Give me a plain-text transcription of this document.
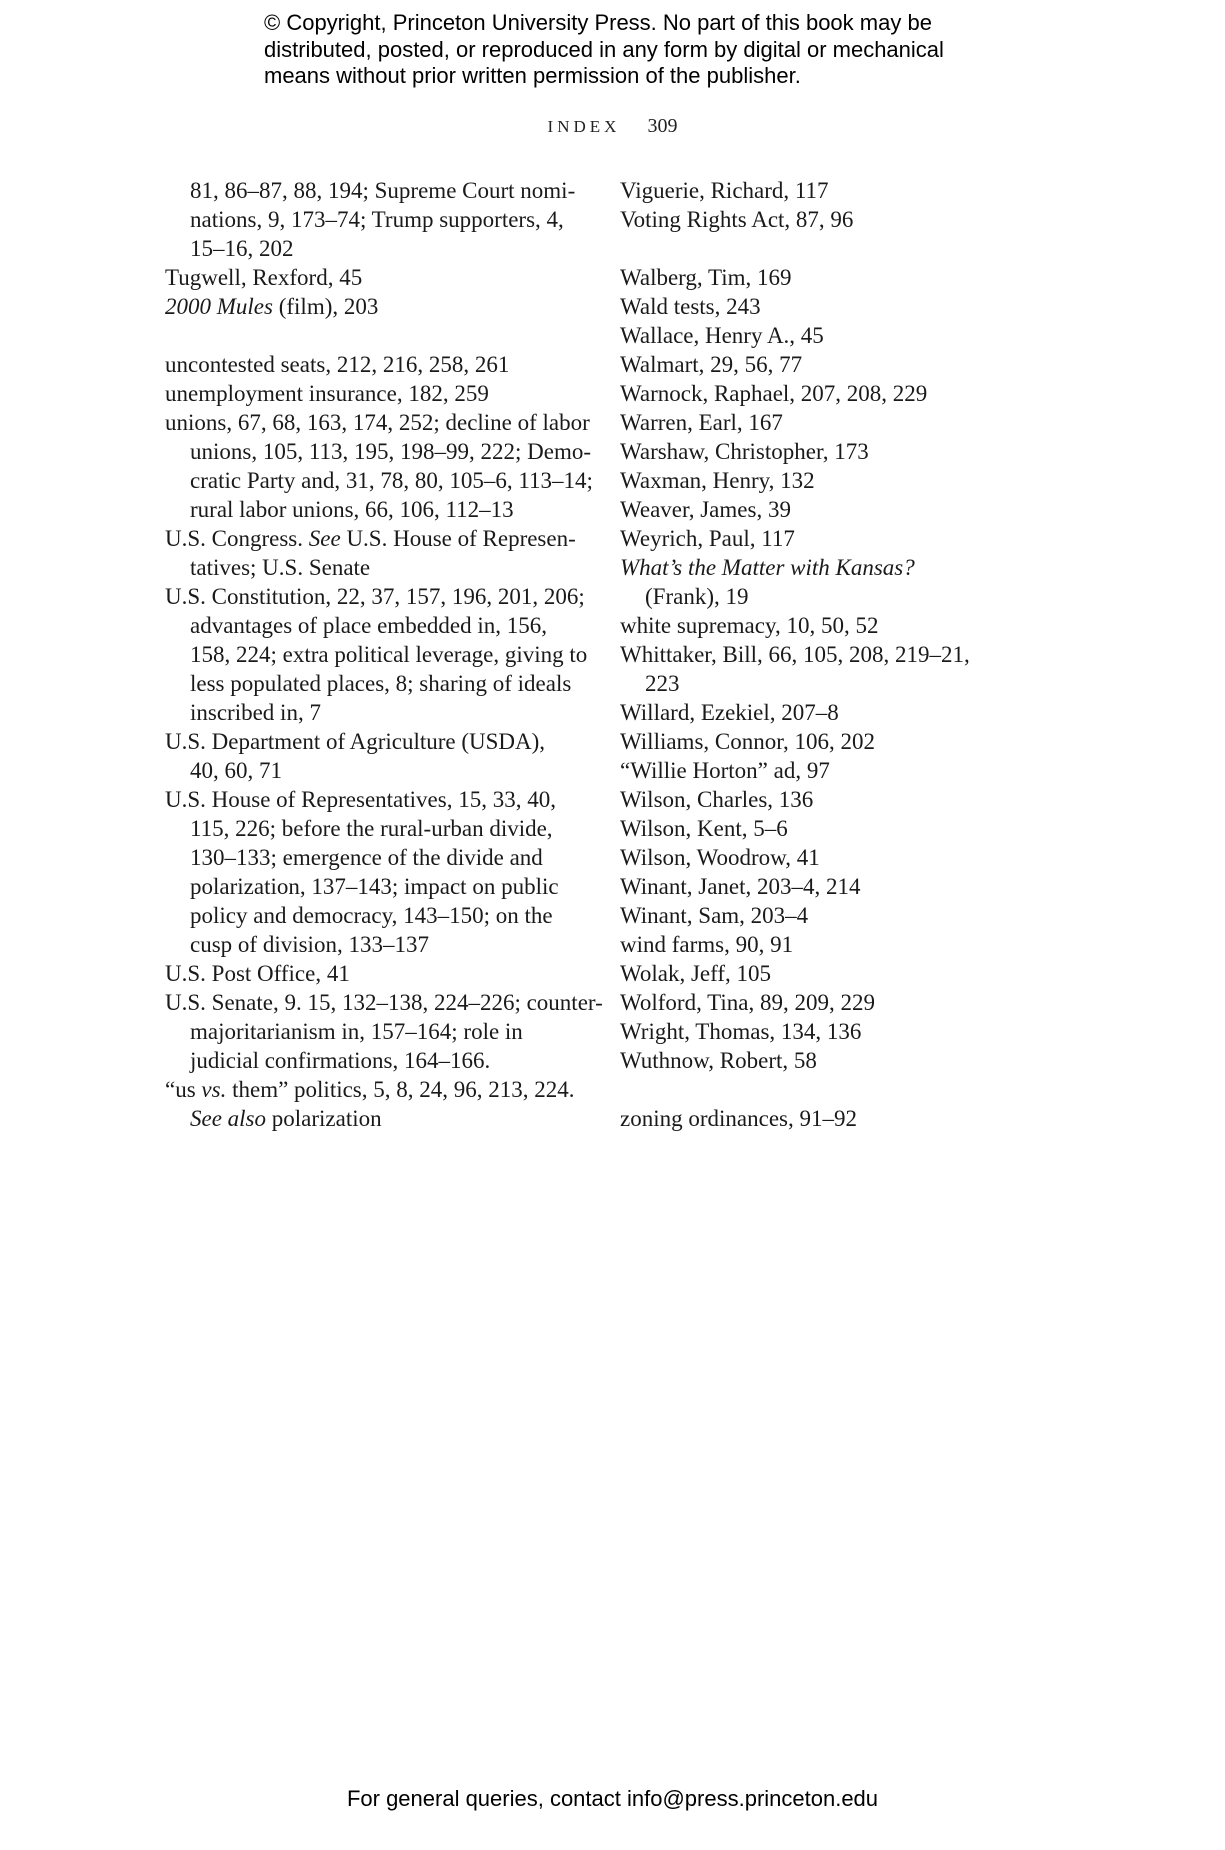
© Copyright, Princeton University Press. No part of this book may be
distributed, posted, or reproduced in any form by digital or mechanical
means without prior written permission of the publisher.
INDEX 309
81, 86–87, 88, 194; Supreme Court nomi-
nations, 9, 173–74; Trump supporters, 4,
15–16, 202
Tugwell, Rexford, 45
2000 Mules (film), 203
uncontested seats, 212, 216, 258, 261
unemployment insurance, 182, 259
unions, 67, 68, 163, 174, 252; decline of labor
unions, 105, 113, 195, 198–99, 222; Demo-
cratic Party and, 31, 78, 80, 105–6, 113–14;
rural labor unions, 66, 106, 112–13
U.S. Congress. See U.S. House of Represen-
tatives; U.S. Senate
U.S. Constitution, 22, 37, 157, 196, 201, 206;
advantages of place embedded in, 156,
158, 224; extra political leverage, giving to
less populated places, 8; sharing of ideals
inscribed in, 7
U.S. Department of Agriculture (USDA),
40, 60, 71
U.S. House of Representatives, 15, 33, 40,
115, 226; before the rural-urban divide,
130–133; emergence of the divide and
polarization, 137–143; impact on public
policy and democracy, 143–150; on the
cusp of division, 133–137
U.S. Post Office, 41
U.S. Senate, 9. 15, 132–138, 224–226; counter-
majoritarianism in, 157–164; role in
judicial confirmations, 164–166.
“us vs. them” politics, 5, 8, 24, 96, 213, 224.
See also polarization
Viguerie, Richard, 117
Voting Rights Act, 87, 96
Walberg, Tim, 169
Wald tests, 243
Wallace, Henry A., 45
Walmart, 29, 56, 77
Warnock, Raphael, 207, 208, 229
Warren, Earl, 167
Warshaw, Christopher, 173
Waxman, Henry, 132
Weaver, James, 39
Weyrich, Paul, 117
What’s the Matter with Kansas?
(Frank), 19
white supremacy, 10, 50, 52
Whittaker, Bill, 66, 105, 208, 219–21,
223
Willard, Ezekiel, 207–8
Williams, Connor, 106, 202
“Willie Horton” ad, 97
Wilson, Charles, 136
Wilson, Kent, 5–6
Wilson, Woodrow, 41
Winant, Janet, 203–4, 214
Winant, Sam, 203–4
wind farms, 90, 91
Wolak, Jeff, 105
Wolford, Tina, 89, 209, 229
Wright, Thomas, 134, 136
Wuthnow, Robert, 58
zoning ordinances, 91–92
For general queries, contact info@press.princeton.edu
